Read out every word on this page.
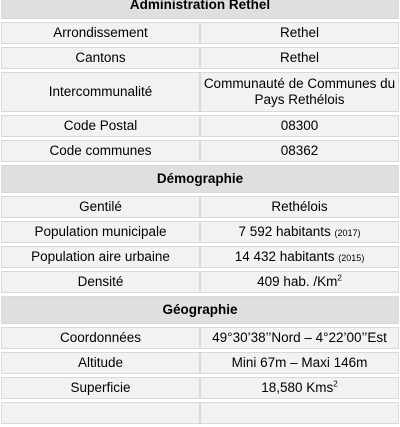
Administration Rethel	
Arrondissement	Rethel
Cantons	Rethel
Intercommunalité	Communauté de Communes du Pays Rethélois
Code Postal	08300
Code communes	08362
Démographie	
Gentilé	Rethélois
Population municipale	7 592 habitants (2017)
Population aire urbaine	14 432 habitants (2015)
Densité	409 hab. /Km$^2$
Géographie	
Coordonnées	49°30’38’’Nord – 4°22’00’’Est
Altitude	Mini 67m – Maxi 146m
Superficie	18,580 Kms$^2$
